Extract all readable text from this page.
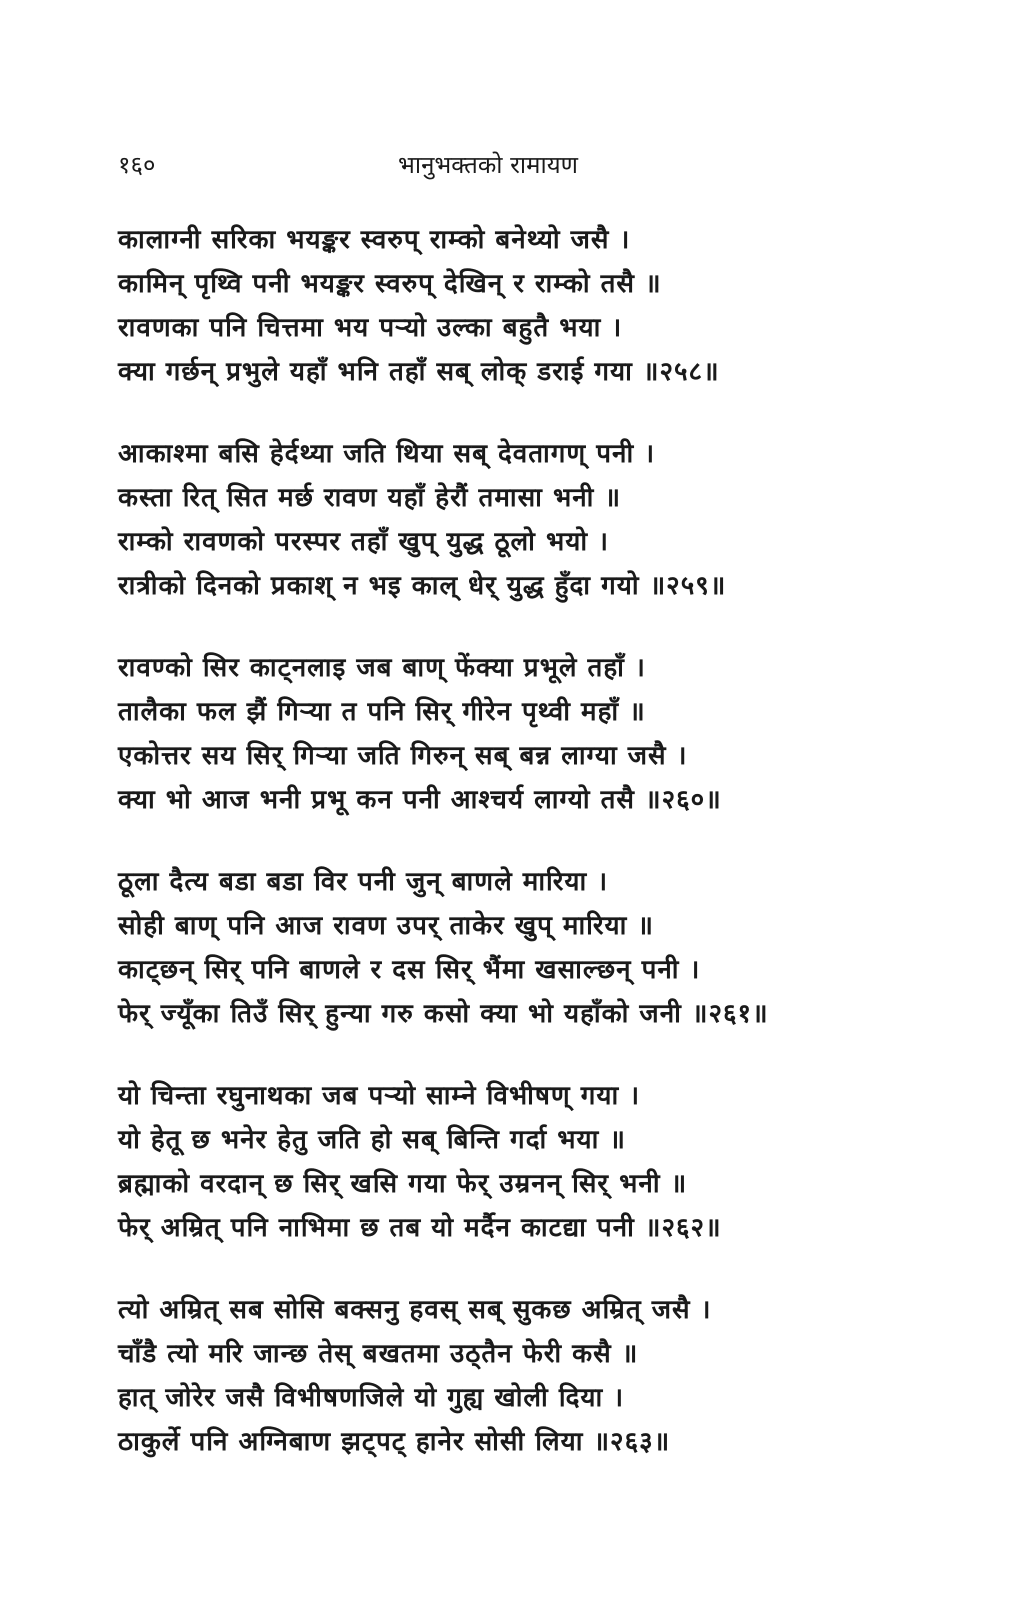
१६०	भानुभक्तको रामायण
कालाग्नी सरिका भयङ्कर स्वरुप् राम्को बनेथ्यो जसै ।
कामिन् पृथ्वि पनी भयङ्कर स्वरुप् देखिन् र राम्को तसै ॥
रावणका पनि चित्तमा भय पऱ्यो उल्का बहुतै भया ।
क्या गर्छन् प्रभुले यहाँ भनि तहाँ सब् लोक् डराई गया ॥२५८॥
आकाश्मा बसि हेर्दथ्या जति थिया सब् देवतागण् पनी ।
कस्ता रित् सित मर्छ रावण यहाँ हेरौं तमासा भनी ॥
राम्को रावणको परस्पर तहाँ खुप् युद्ध ठूलो भयो ।
रात्रीको दिनको प्रकाश् न भइ काल् धेर् युद्ध हुँदा गयो ॥२५९॥
रावण्को सिर काट्नलाइ जब बाण् फेंक्या प्रभूले तहाँ ।
तालैका फल झैं गिऱ्या त पनि सिर् गीरेन पृथ्वी महाँ ॥
एकोत्तर सय सिर् गिऱ्या जति गिरुन् सब् बन्न लाग्या जसै ।
क्या भो आज भनी प्रभू कन पनी आश्चर्य लाग्यो तसै ॥२६०॥
ठूला दैत्य बडा बडा विर पनी जुन् बाणले मारिया ।
सोही बाण् पनि आज रावण उपर् ताकेर खुप् मारिया ॥
काट्छन् सिर् पनि बाणले र दस सिर् भैंमा खसाल्छन् पनी ।
फेर् ज्यूँका तिउँ सिर् हुन्या गरु कसो क्या भो यहाँको जनी ॥२६१॥
यो चिन्ता रघुनाथका जब पऱ्यो साम्ने विभीषण् गया ।
यो हेतू छ भनेर हेतु जति हो सब् बिन्ति गर्दा भया ॥
ब्रह्माको वरदान् छ सिर् खसि गया फेर् उम्रनन् सिर् भनी ॥
फेर् अम्रित् पनि नाभिमा छ तब यो मर्दैन काटद्या पनी ॥२६२॥
त्यो अम्रित् सब सोसि बक्सनु हवस् सब् सुकछ अम्रित् जसै ।
चाँडै त्यो मरि जान्छ तेस् बखतमा उठ्तैन फेरी कसै ॥
हात् जोरेर जसै विभीषणजिले यो गुह्य खोली दिया ।
ठाकुर्ले पनि अग्निबाण झट्पट् हानेर सोसी लिया ॥२६३॥
